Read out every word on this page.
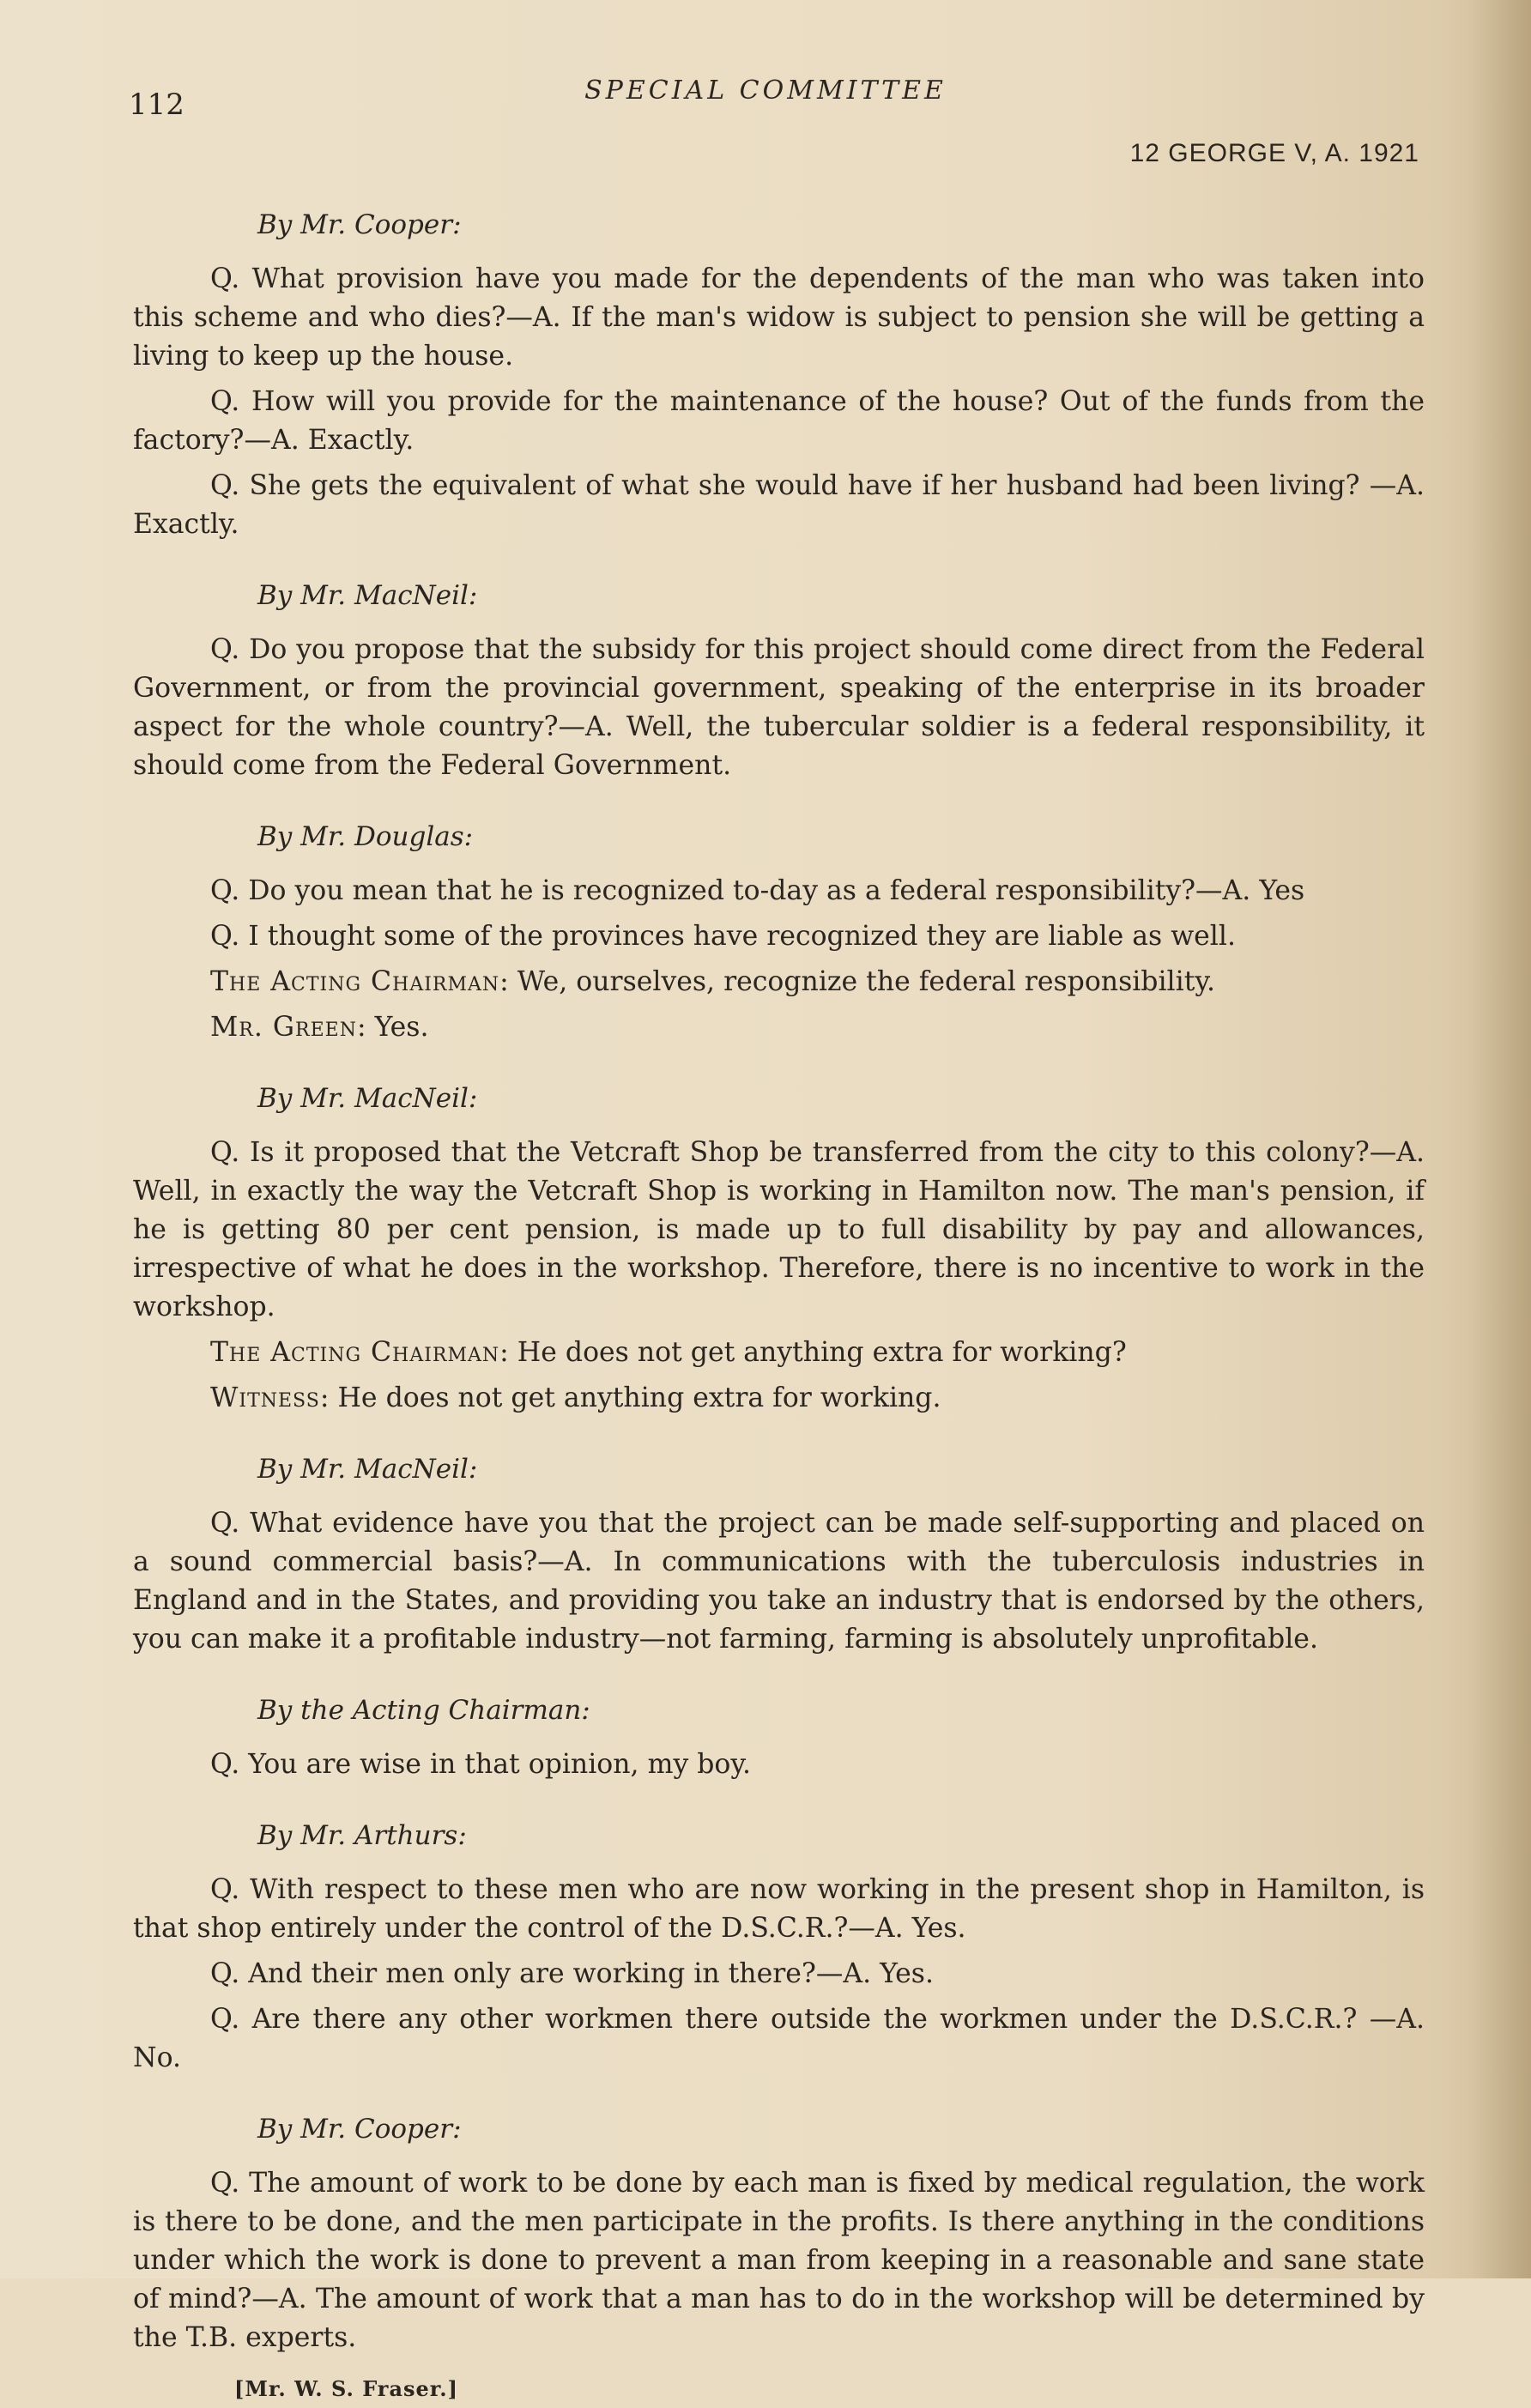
112	SPECIAL COMMITTEE
12 GEORGE V, A. 1921
By Mr. Cooper:

Q. What provision have you made for the dependents of the man who was taken into this scheme and who dies?—A. If the man's widow is subject to pension she will be getting a living to keep up the house.

Q. How will you provide for the maintenance of the house? Out of the funds from the factory?—A. Exactly.

Q. She gets the equivalent of what she would have if her husband had been living? —A. Exactly.

By Mr. MacNeil:

Q. Do you propose that the subsidy for this project should come direct from the Federal Government, or from the provincial government, speaking of the enterprise in its broader aspect for the whole country?—A. Well, the tubercular soldier is a federal responsibility, it should come from the Federal Government.

By Mr. Douglas:

Q. Do you mean that he is recognized to-day as a federal responsibility?—A. Yes

Q. I thought some of the provinces have recognized they are liable as well.

The Acting Chairman: We, ourselves, recognize the federal responsibility.

Mr. Green: Yes.

By Mr. MacNeil:

Q. Is it proposed that the Vetcraft Shop be transferred from the city to this colony?—A. Well, in exactly the way the Vetcraft Shop is working in Hamilton now. The man's pension, if he is getting 80 per cent pension, is made up to full disability by pay and allowances, irrespective of what he does in the workshop. Therefore, there is no incentive to work in the workshop.

The Acting Chairman: He does not get anything extra for working?

Witness: He does not get anything extra for working.

By Mr. MacNeil:

Q. What evidence have you that the project can be made self-supporting and placed on a sound commercial basis?—A. In communications with the tuberculosis industries in England and in the States, and providing you take an industry that is endorsed by the others, you can make it a profitable industry—not farming, farming is absolutely unprofitable.

By the Acting Chairman:

Q. You are wise in that opinion, my boy.

By Mr. Arthurs:

Q. With respect to these men who are now working in the present shop in Hamilton, is that shop entirely under the control of the D.S.C.R.?—A. Yes.

Q. And their men only are working in there?—A. Yes.

Q. Are there any other workmen there outside the workmen under the D.S.C.R.? —A. No.

By Mr. Cooper:

Q. The amount of work to be done by each man is fixed by medical regulation, the work is there to be done, and the men participate in the profits. Is there anything in the conditions under which the work is done to prevent a man from keeping in a reasonable and sane state of mind?—A. The amount of work that a man has to do in the workshop will be determined by the T.B. experts.

[Mr. W. S. Fraser.]
